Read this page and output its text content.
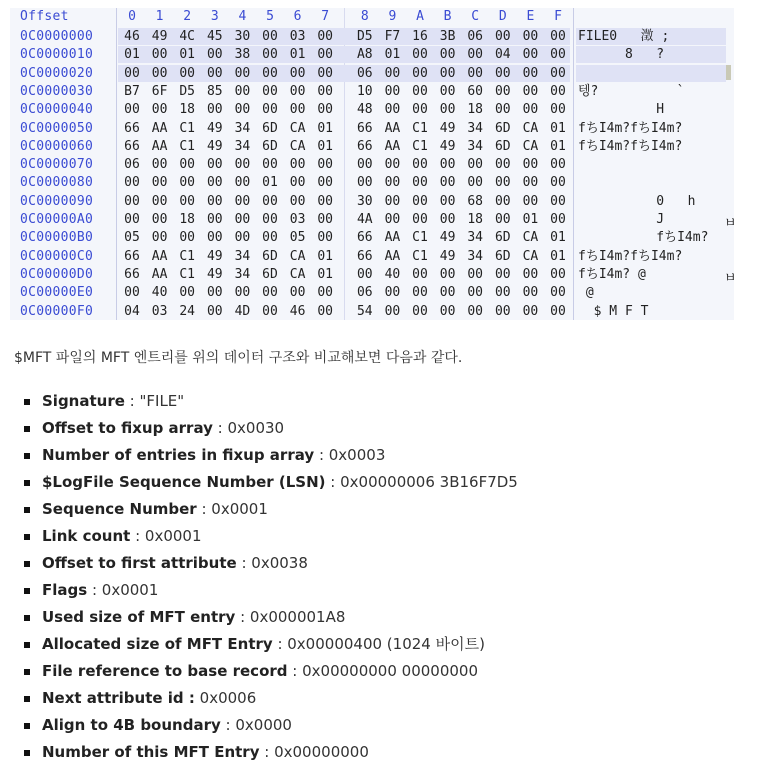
Offset	0	1	2	3	4	5	6	7	8	9	A	B	C	D	E	F
0C0000000	46 49 4C 45 30 00 03 00	D5 F7 16 3B 06 00 00 00 FILE0   澂 ;
0C0000010	01 00 01 00 38 00 01 00	A8 01 00 00 00 04 00 00 8   ?
0C0000020	00 00 00 00 00 00 00 00	06 00 00 00 00 00 00 00
0C0000030	B7 6F D5 85 00 00 00 00	10 00 00 00 60 00 00 00 텡?          `
0C0000040	00 00 18 00 00 00 00 00	48 00 00 00 18 00 00 00 H
0C0000050	66 AA C1 49 34 6D CA 01	66 AA C1 49 34 6D CA 01 fちI4m?fちI4m?
0C0000060	66 AA C1 49 34 6D CA 01	66 AA C1 49 34 6D CA 01 fちI4m?fちI4m?
0C0000070	06 00 00 00 00 00 00 00	00 00 00 00 00 00 00 00
0C0000080	00 00 00 00 00 01 00 00	00 00 00 00 00 00 00 00
0C0000090	00 00 00 00 00 00 00 00	30 00 00 00 68 00 00 00 0   h
0C00000A0	00 00 18 00 00 00 03 00	4A 00 00 00 18 00 01 00 J
0C00000B0	05 00 00 00 00 00 05 00	66 AA C1 49 34 6D CA 01 fちI4m?
0C00000C0	66 AA C1 49 34 6D CA 01	66 AA C1 49 34 6D CA 01 fちI4m?fちI4m?
0C00000D0	66 AA C1 49 34 6D CA 01	00 40 00 00 00 00 00 00 fちI4m? @
0C00000E0	00 40 00 00 00 00 00 00	06 00 00 00 00 00 00 00 @
0C00000F0	04 03 24 00 4D 00 46 00	54 00 00 00 00 00 00 00 $ M F T
ㅂ
ㅂ
$MFT 파일의 MFT 엔트리를 위의 데이터 구조와 비교해보면 다음과 같다.
Signature : "FILE"
Offset to fixup array : 0x0030
Number of entries in fixup array : 0x0003
$LogFile Sequence Number (LSN) : 0x00000006 3B16F7D5
Sequence Number : 0x0001
Link count : 0x0001
Offset to first attribute : 0x0038
Flags : 0x0001
Used size of MFT entry : 0x000001A8
Allocated size of MFT Entry : 0x00000400 (1024 바이트)
File reference to base record : 0x00000000 00000000
Next attribute id : 0x0006
Align to 4B boundary : 0x0000
Number of this MFT Entry : 0x00000000
